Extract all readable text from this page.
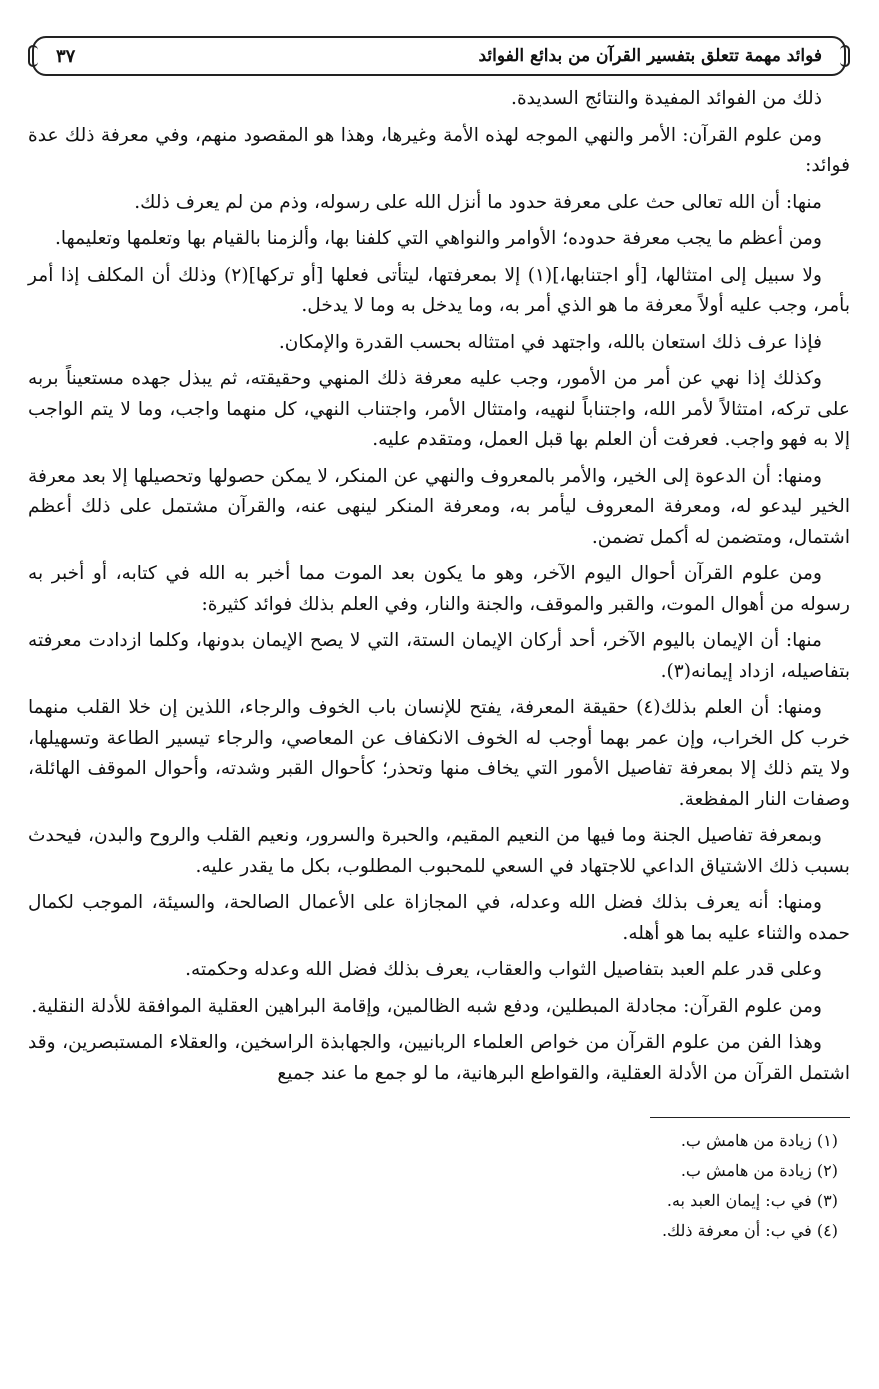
فوائد مهمة تتعلق بتفسير القرآن من بدائع الفوائد
٣٧

ذلك من الفوائد المفيدة والنتائج السديدة.

ومن علوم القرآن: الأمر والنهي الموجه لهذه الأمة وغيرها، وهذا هو المقصود منهم، وفي معرفة ذلك عدة فوائد:

منها: أن الله تعالى حث على معرفة حدود ما أنزل الله على رسوله، وذم من لم يعرف ذلك.

ومن أعظم ما يجب معرفة حدوده؛ الأوامر والنواهي التي كلفنا بها، وألزمنا بالقيام بها وتعلمها وتعليمها.

ولا سبيل إلى امتثالها، [أو اجتنابها،](١) إلا بمعرفتها، ليتأتى فعلها [أو تركها](٢) وذلك أن المكلف إذا أمر بأمر، وجب عليه أولاً معرفة ما هو الذي أمر به، وما يدخل به وما لا يدخل.

فإذا عرف ذلك استعان بالله، واجتهد في امتثاله بحسب القدرة والإمكان.

وكذلك إذا نهي عن أمر من الأمور، وجب عليه معرفة ذلك المنهي وحقيقته، ثم يبذل جهده مستعيناً بربه على تركه، امتثالاً لأمر الله، واجتناباً لنهيه، وامتثال الأمر، واجتناب النهي، كل منهما واجب، وما لا يتم الواجب إلا به فهو واجب. فعرفت أن العلم بها قبل العمل، ومتقدم عليه.

ومنها: أن الدعوة إلى الخير، والأمر بالمعروف والنهي عن المنكر، لا يمكن حصولها وتحصيلها إلا بعد معرفة الخير ليدعو له، ومعرفة المعروف ليأمر به، ومعرفة المنكر لينهى عنه، والقرآن مشتمل على ذلك أعظم اشتمال، ومتضمن له أكمل تضمن.

ومن علوم القرآن أحوال اليوم الآخر، وهو ما يكون بعد الموت مما أخبر به الله في كتابه، أو أخبر به رسوله من أهوال الموت، والقبر والموقف، والجنة والنار، وفي العلم بذلك فوائد كثيرة:

منها: أن الإيمان باليوم الآخر، أحد أركان الإيمان الستة، التي لا يصح الإيمان بدونها، وكلما ازدادت معرفته بتفاصيله، ازداد إيمانه(٣).

ومنها: أن العلم بذلك(٤) حقيقة المعرفة، يفتح للإنسان باب الخوف والرجاء، اللذين إن خلا القلب منهما خرب كل الخراب، وإن عمر بهما أوجب له الخوف الانكفاف عن المعاصي، والرجاء تيسير الطاعة وتسهيلها، ولا يتم ذلك إلا بمعرفة تفاصيل الأمور التي يخاف منها وتحذر؛ كأحوال القبر وشدته، وأحوال الموقف الهائلة، وصفات النار المفظعة.

وبمعرفة تفاصيل الجنة وما فيها من النعيم المقيم، والحبرة والسرور، ونعيم القلب والروح والبدن، فيحدث بسبب ذلك الاشتياق الداعي للاجتهاد في السعي للمحبوب المطلوب، بكل ما يقدر عليه.

ومنها: أنه يعرف بذلك فضل الله وعدله، في المجازاة على الأعمال الصالحة، والسيئة، الموجب لكمال حمده والثناء عليه بما هو أهله.

وعلى قدر علم العبد بتفاصيل الثواب والعقاب، يعرف بذلك فضل الله وعدله وحكمته.

ومن علوم القرآن: مجادلة المبطلين، ودفع شبه الظالمين، وإقامة البراهين العقلية الموافقة للأدلة النقلية.

وهذا الفن من علوم القرآن من خواص العلماء الربانيين، والجهابذة الراسخين، والعقلاء المستبصرين، وقد اشتمل القرآن من الأدلة العقلية، والقواطع البرهانية، ما لو جمع ما عند جميع

(١) زيادة من هامش ب.
(٢) زيادة من هامش ب.
(٣) في ب: إيمان العبد به.
(٤) في ب: أن معرفة ذلك.
